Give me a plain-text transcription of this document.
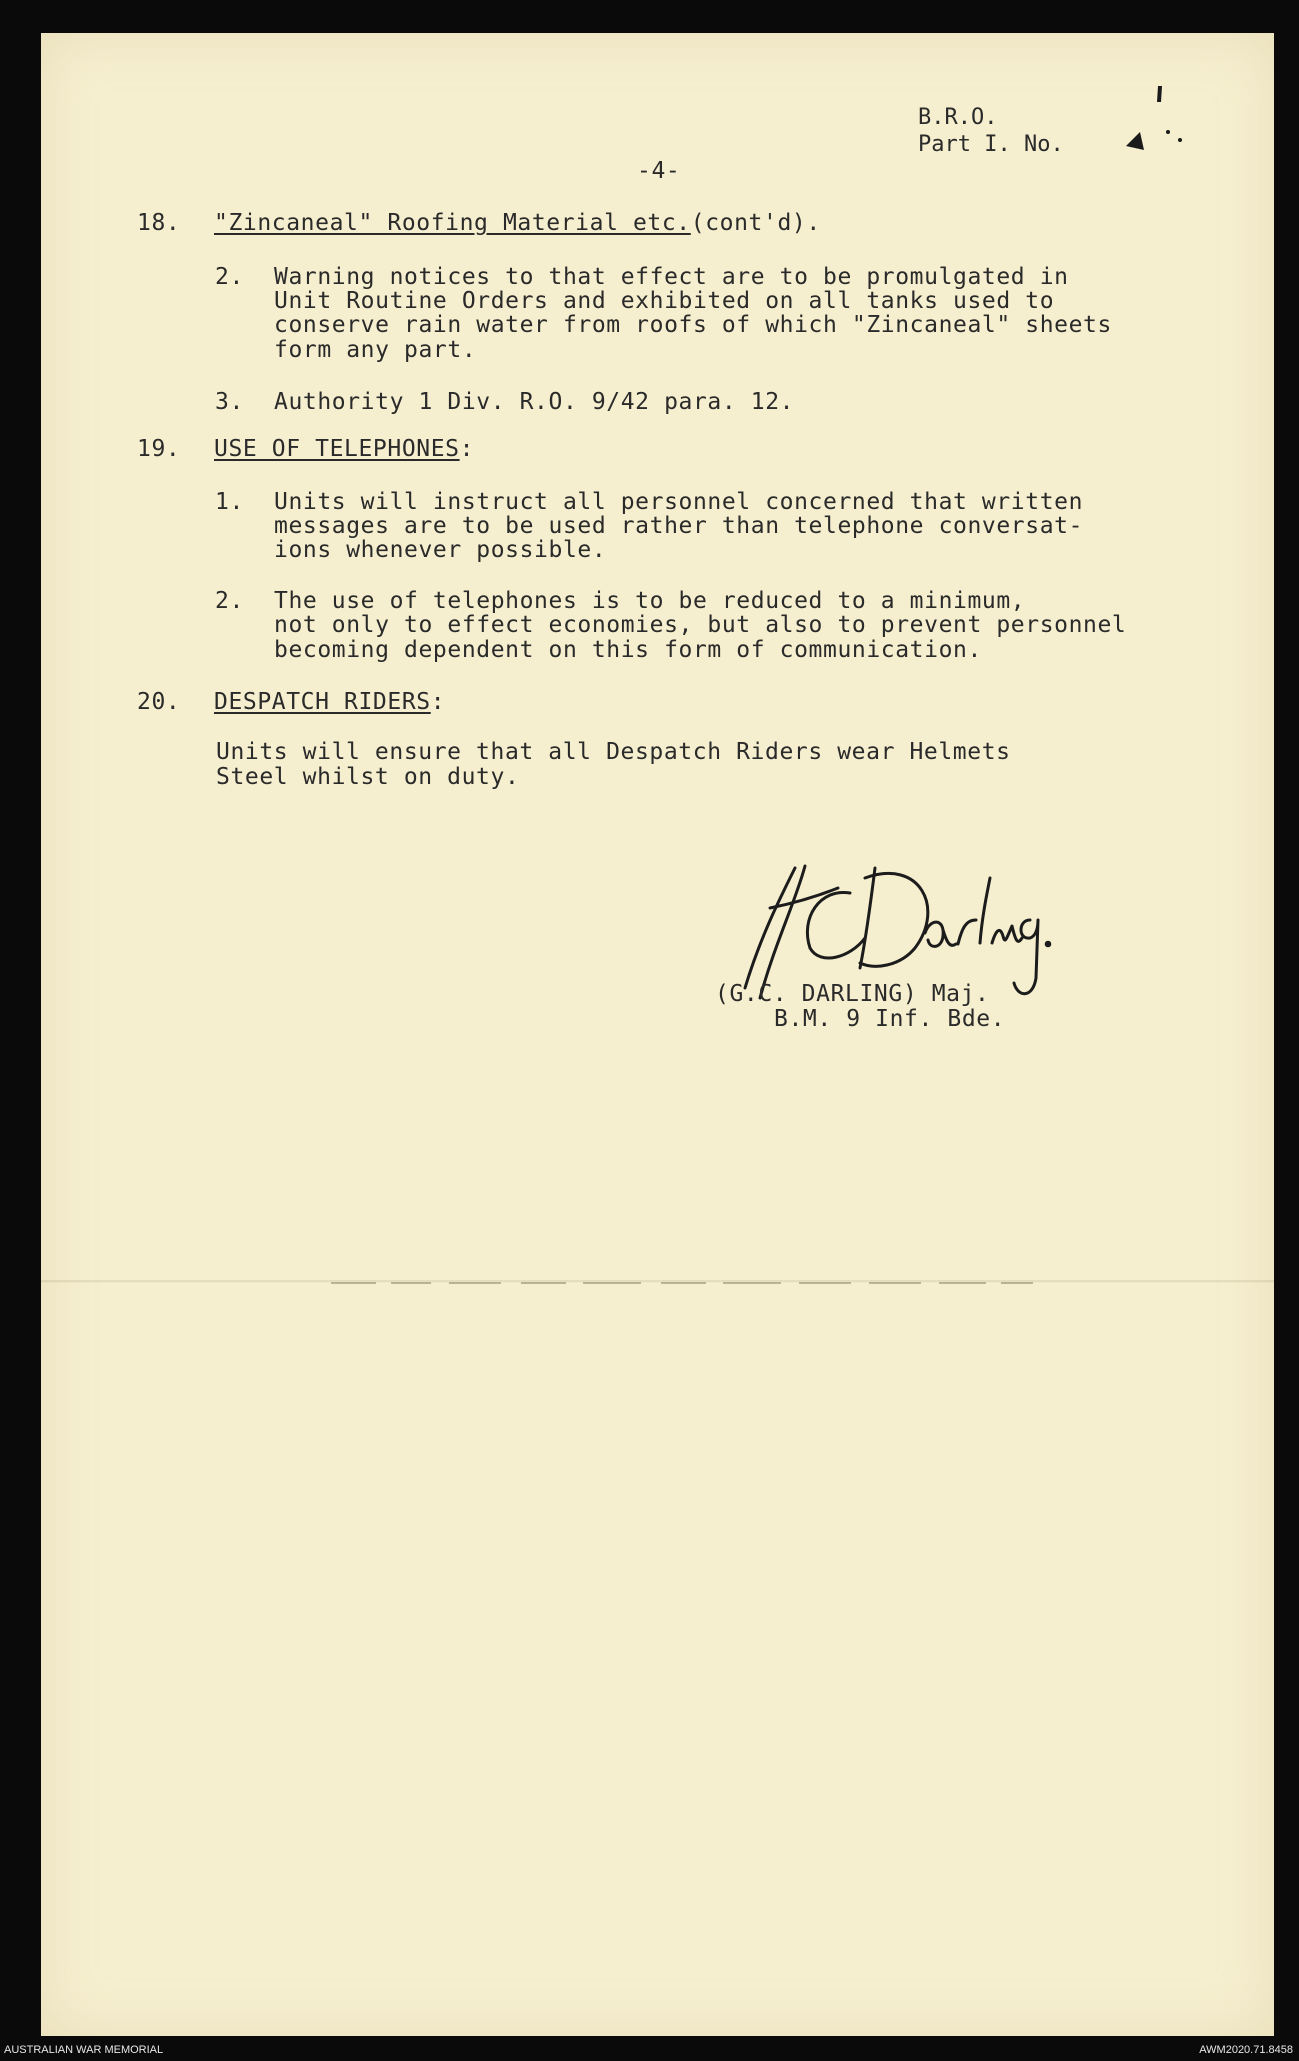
-4-
B.R.O.
Part I. No.
18. "Zincaneal" Roofing Material etc.(cont'd).
2. Warning notices to that effect are to be promulgated in
Unit Routine Orders and exhibited on all tanks used to
conserve rain water from roofs of which "Zincaneal" sheets
form any part.
3. Authority 1 Div. R.O. 9/42 para. 12.
19. USE OF TELEPHONES:
1. Units will instruct all personnel concerned that written
messages are to be used rather than telephone conversat-
ions whenever possible.
2. The use of telephones is to be reduced to a minimum,
not only to effect economies, but also to prevent personnel
becoming dependent on this form of communication.
20. DESPATCH RIDERS:
Units will ensure that all Despatch Riders wear Helmets
Steel whilst on duty.
(G.C. DARLING) Maj.
B.M. 9 Inf. Bde.
AUSTRALIAN WAR MEMORIAL	AWM2020.71.8458
